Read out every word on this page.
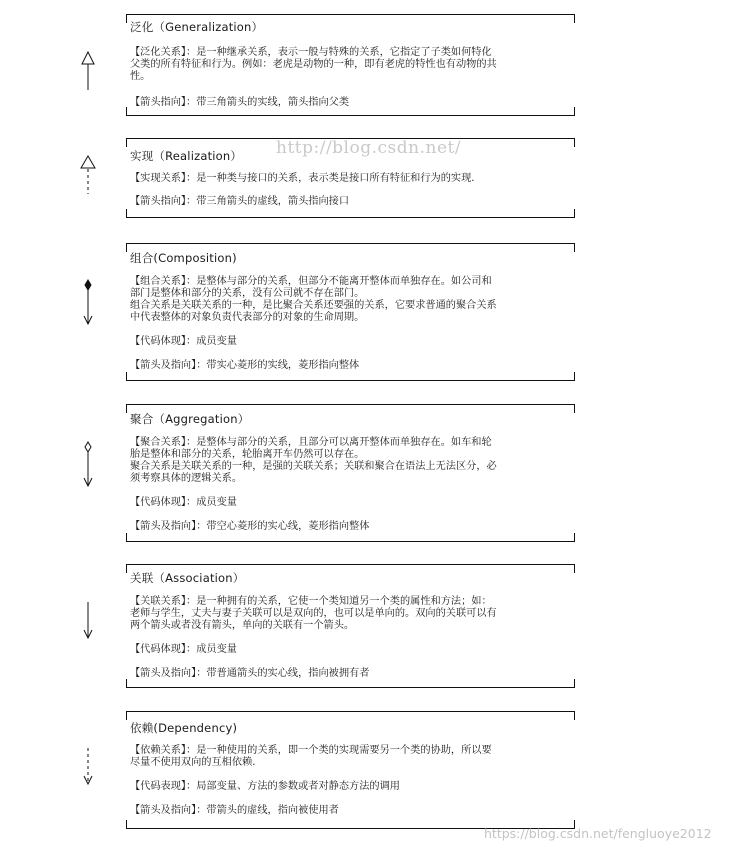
http://blog.csdn.net/
泛化（Generalization）
【泛化关系】：是一种继承关系，表示一般与特殊的关系，它指定了子类如何特化
父类的所有特征和行为。例如：老虎是动物的一种，即有老虎的特性也有动物的共
性。
【箭头指向】：带三角箭头的实线，箭头指向父类
实现（Realization）
【实现关系】：是一种类与接口的关系，表示类是接口所有特征和行为的实现.
【箭头指向】：带三角箭头的虚线，箭头指向接口
组合(Composition)
【组合关系】：是整体与部分的关系，但部分不能离开整体而单独存在。如公司和
部门是整体和部分的关系，没有公司就不存在部门。
组合关系是关联关系的一种，是比聚合关系还要强的关系，它要求普通的聚合关系
中代表整体的对象负责代表部分的对象的生命周期。
【代码体现】：成员变量
【箭头及指向】：带实心菱形的实线，菱形指向整体
聚合（Aggregation）
【聚合关系】：是整体与部分的关系，且部分可以离开整体而单独存在。如车和轮
胎是整体和部分的关系，轮胎离开车仍然可以存在。
聚合关系是关联关系的一种，是强的关联关系；关联和聚合在语法上无法区分，必
须考察具体的逻辑关系。
【代码体现】：成员变量
【箭头及指向】：带空心菱形的实心线，菱形指向整体
关联（Association）
【关联关系】：是一种拥有的关系，它使一个类知道另一个类的属性和方法；如：
老师与学生，丈夫与妻子关联可以是双向的，也可以是单向的。双向的关联可以有
两个箭头或者没有箭头，单向的关联有一个箭头。
【代码体现】：成员变量
【箭头及指向】：带普通箭头的实心线，指向被拥有者
依赖(Dependency)
【依赖关系】：是一种使用的关系，即一个类的实现需要另一个类的协助，所以要
尽量不使用双向的互相依赖.
【代码表现】：局部变量、方法的参数或者对静态方法的调用
【箭头及指向】：带箭头的虚线，指向被使用者
https://blog.csdn.net/fengluoye2012
